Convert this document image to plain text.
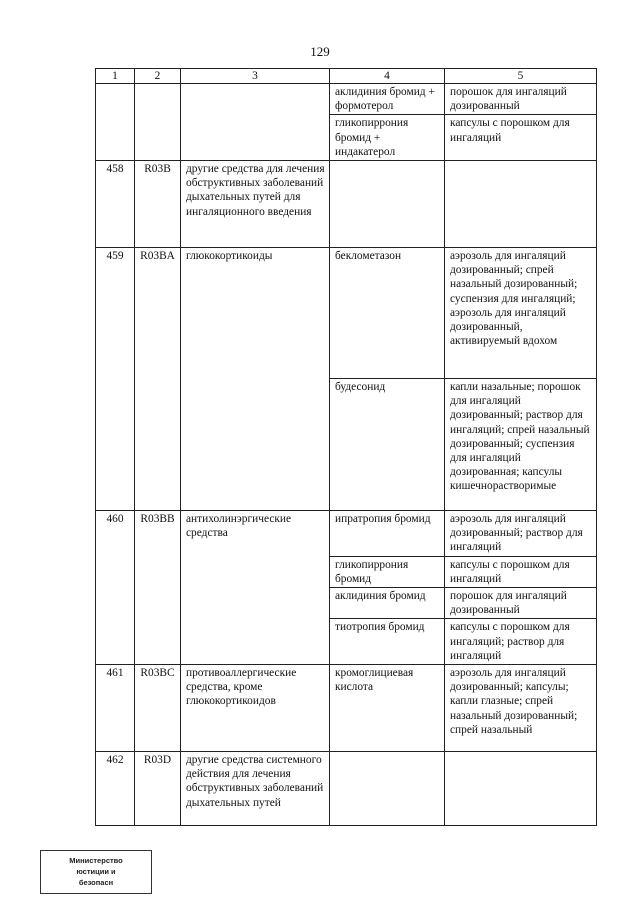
129
1	2	3	4	5
			аклидиния бромид + формотерол	порошок для ингаляций дозированный
			гликопиррония бромид + индакатерол	капсулы с порошком для ингаляций
458	R03B	другие средства для лечения обструктивных заболеваний дыхательных путей для ингаляционного введения		
459	R03BA	глюкокортикоиды	беклометазон	аэрозоль для ингаляций дозированный; спрей назальный дозированный; суспензия для ингаляций; аэрозоль для ингаляций дозированный, активируемый вдохом
			будесонид	капли назальные; порошок для ингаляций дозированный; раствор для ингаляций; спрей назальный дозированный; суспензия для ингаляций дозированная; капсулы кишечнорастворимые
460	R03BB	антихолинэргические средства	ипратропия бромид	аэрозоль для ингаляций дозированный; раствор для ингаляций
			гликопиррония бромид	капсулы с порошком для ингаляций
			аклидиния бромид	порошок для ингаляций дозированный
			тиотропия бромид	капсулы с порошком для ингаляций; раствор для ингаляций
461	R03BC	противоаллергические средства, кроме глюкокортикоидов	кромоглициевая кислота	аэрозоль для ингаляций дозированный; капсулы; капли глазные; спрей назальный дозированный; спрей назальный
462	R03D	другие средства системного действия для лечения обструктивных заболеваний дыхательных путей		
Министерство
юстиции и
безопасн
